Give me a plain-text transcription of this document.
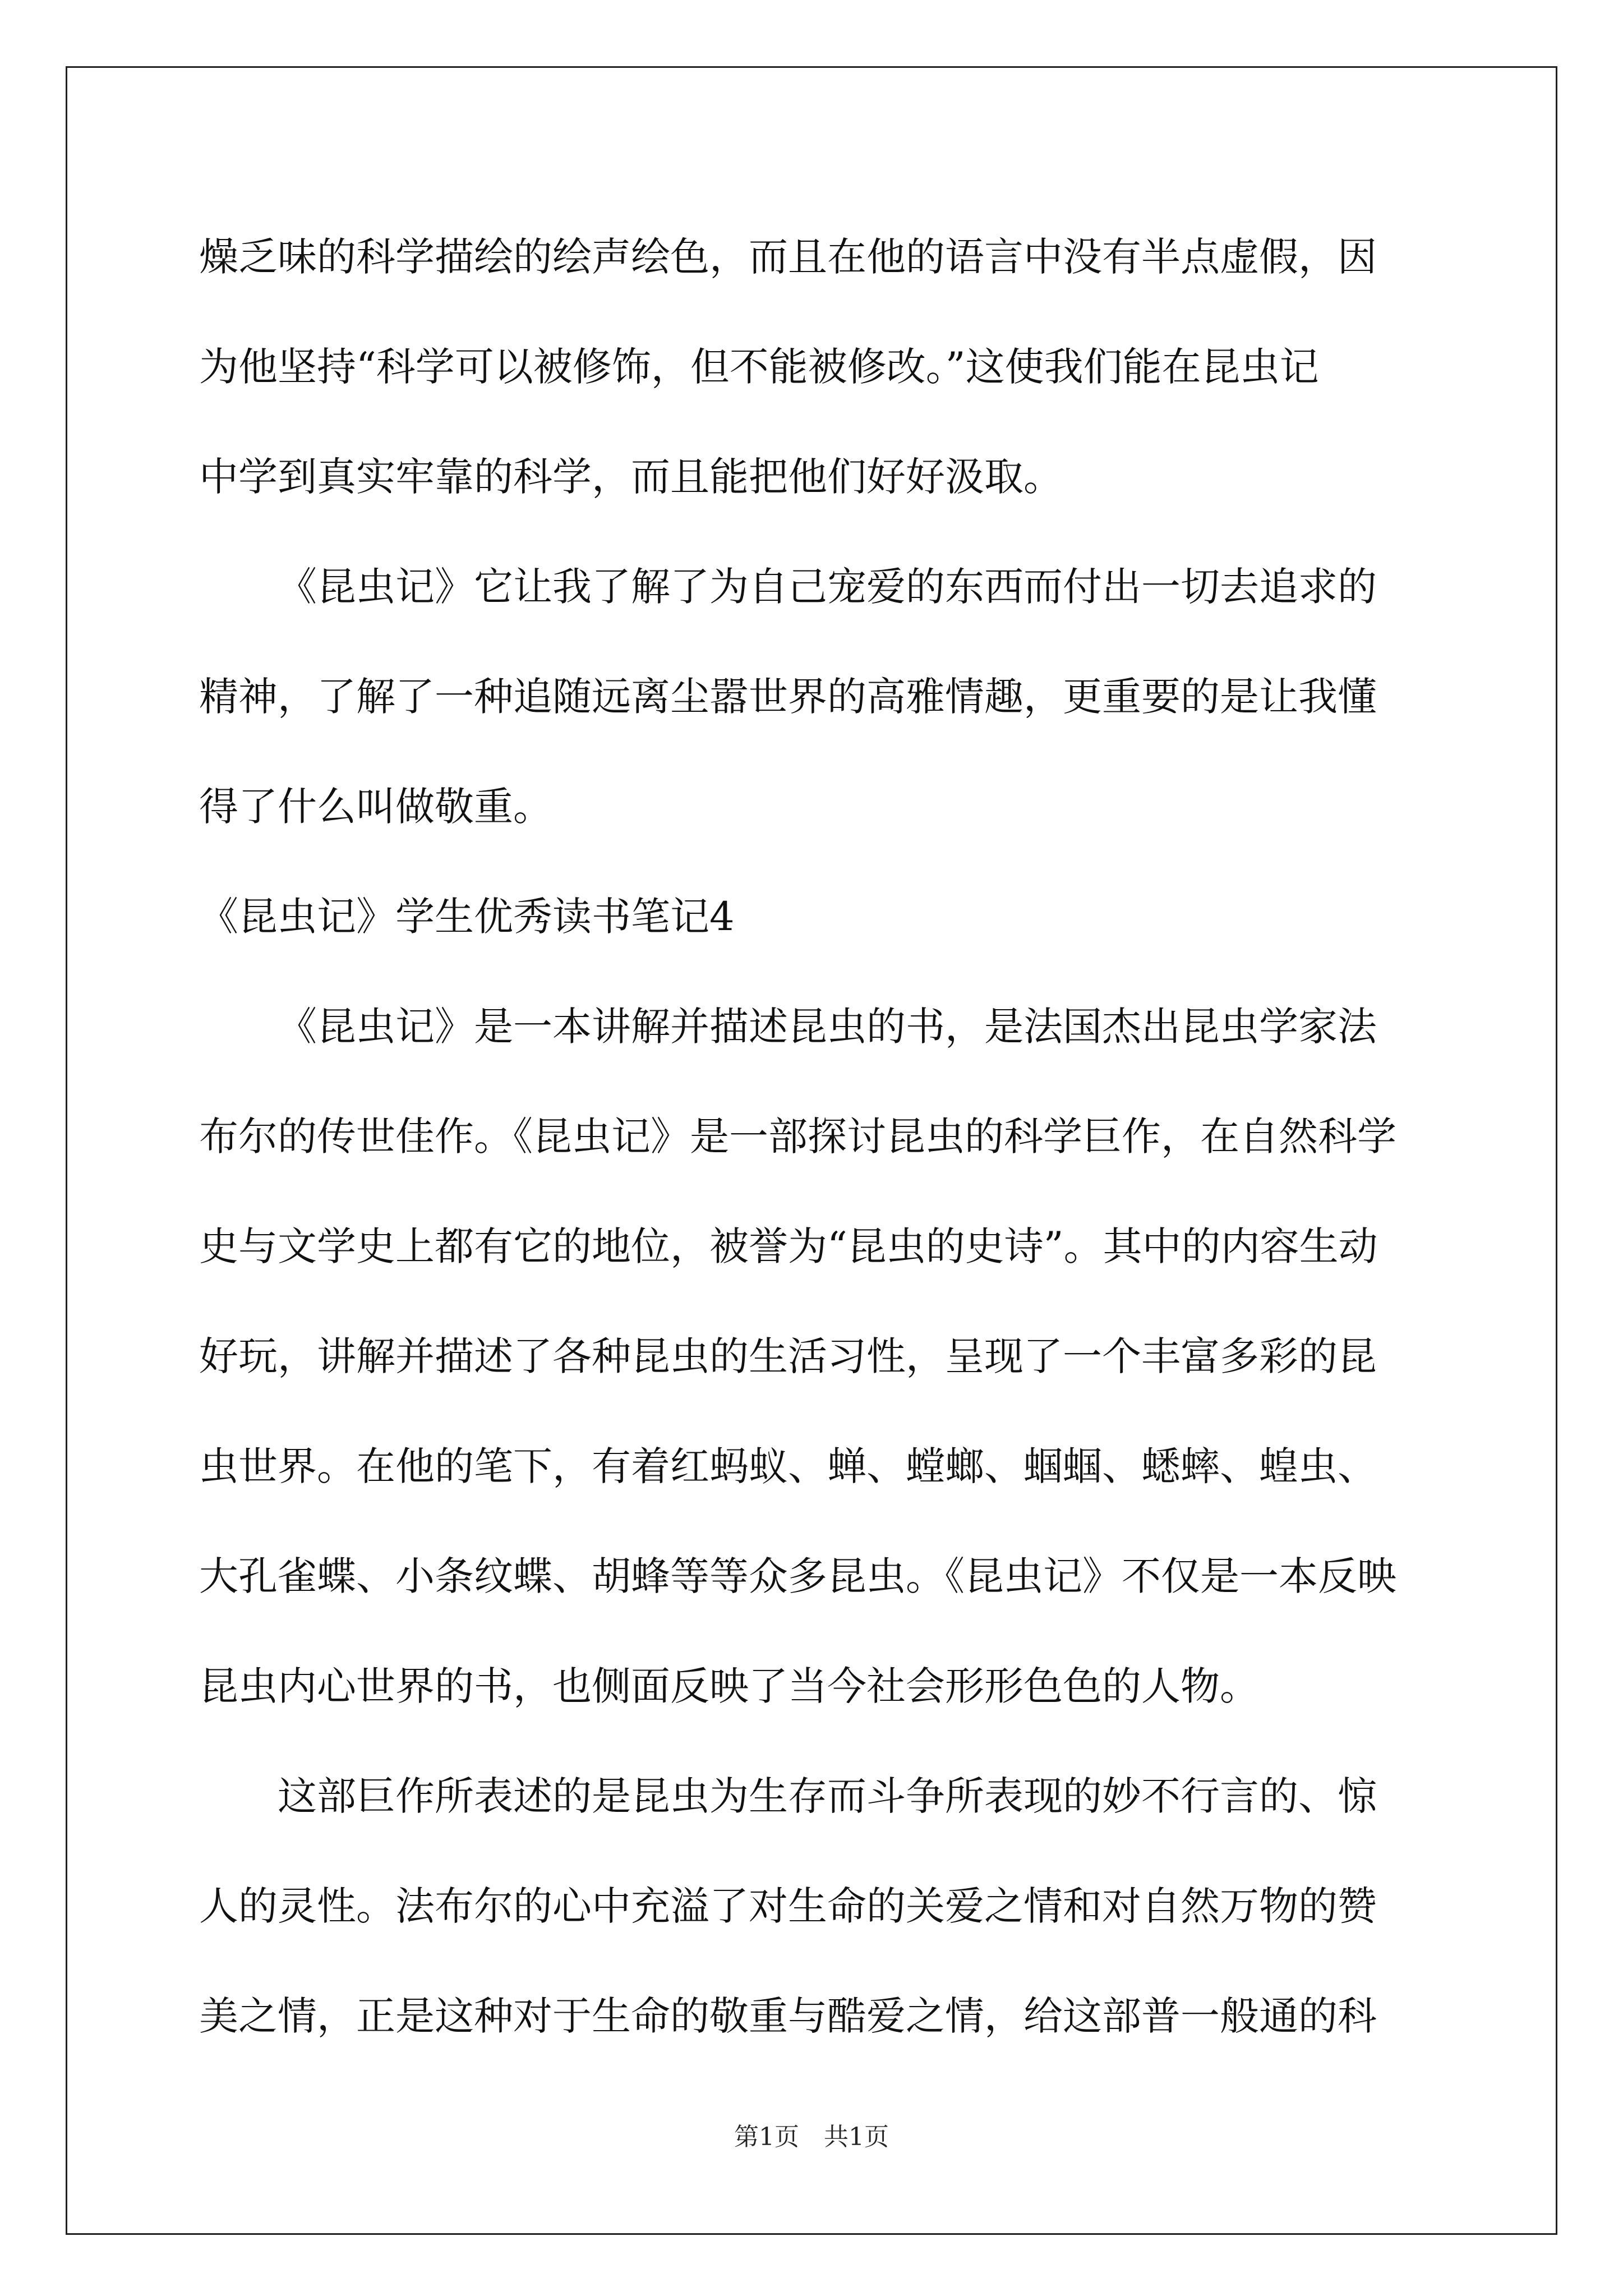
燥乏味的科学描绘的绘声绘色，而且在他的语言中没有半点虚假，因
为他坚持“科学可以被修饰，但不能被修改。”这使我们能在昆虫记
中学到真实牢靠的科学，而且能把他们好好汲取。
《昆虫记》它让我了解了为自己宠爱的东西而付出一切去追求的
精神，了解了一种追随远离尘嚣世界的高雅情趣，更重要的是让我懂
得了什么叫做敬重。
《昆虫记》学生优秀读书笔记4
《昆虫记》是一本讲解并描述昆虫的书，是法国杰出昆虫学家法
布尔的传世佳作。《昆虫记》是一部探讨昆虫的科学巨作，在自然科学
史与文学史上都有它的地位，被誉为“昆虫的史诗”。其中的内容生动
好玩，讲解并描述了各种昆虫的生活习性，呈现了一个丰富多彩的昆
虫世界。在他的笔下，有着红蚂蚁、蝉、螳螂、蝈蝈、蟋蟀、蝗虫、
大孔雀蝶、小条纹蝶、胡蜂等等众多昆虫。《昆虫记》不仅是一本反映
昆虫内心世界的书，也侧面反映了当今社会形形色色的人物。
这部巨作所表述的是昆虫为生存而斗争所表现的妙不行言的、惊
人的灵性。法布尔的心中充溢了对生命的关爱之情和对自然万物的赞
美之情，正是这种对于生命的敬重与酷爱之情，给这部普一般通的科
第1页 共1页
